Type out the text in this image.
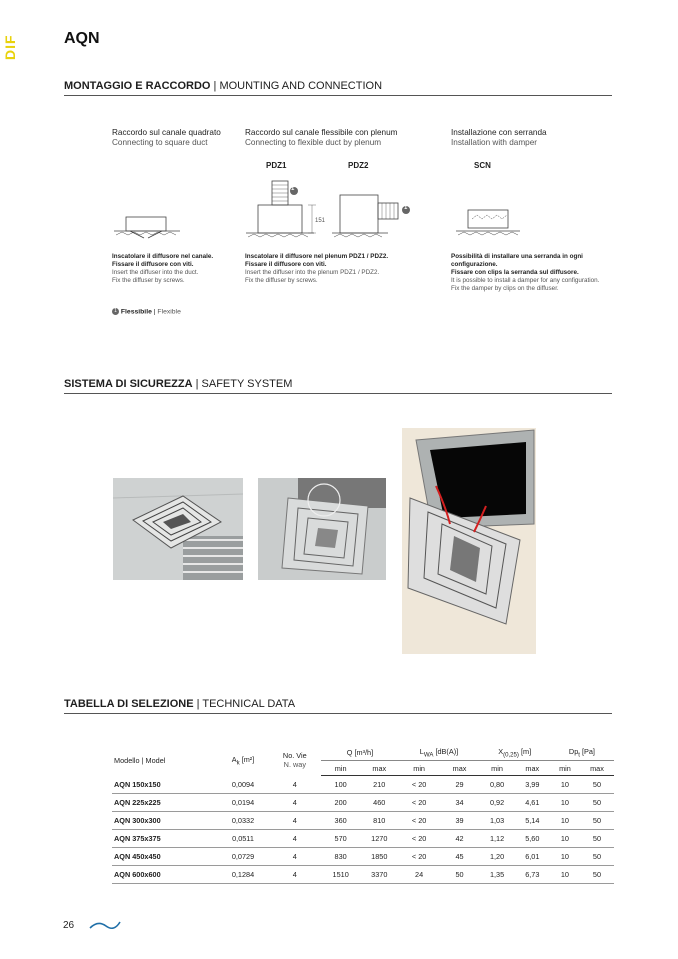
DIF	AQN
MONTAGGIO E RACCORDO | MOUNTING AND CONNECTION
Raccordo sul canale quadrato
Connecting to square duct
Raccordo sul canale flessibile con plenum
Connecting to flexible duct by plenum
Installazione con serranda
Installation with damper
PDZ1	PDZ2	SCN
151
1
1
Inscatolare il diffusore nel canale.
Fissare il diffusore con viti.
Insert the diffuser into the duct.
Fix the diffuser by screws.
Inscatolare il diffusore nel plenum PDZ1 / PDZ2.
Fissare il diffusore con viti.
Insert the diffuser into the plenum PDZ1 / PDZ2.
Fix the diffuser by screws.
Possibilità di installare una serranda in ogni
configurazione.
Fissare con clips la serranda sul diffusore.
It is possible to install a damper for any configuration.
Fix the damper by clips on the diffuser.
1 Flessibile | Flexible
SISTEMA DI SICUREZZA | SAFETY SYSTEM
TABELLA DI SELEZIONE | TECHNICAL DATA
Modello | Model	$A_k$ [m²]	No. Vie
N. way	Q [m³/h]		$L_{WA}$ [dB(A)]		$X_{(0,25)}$ [m]		$Dp_t$ [Pa]	
			min	max	min	max	min	max	min	max
AQN 150x150	0,0094	4	100	210	< 20	29	0,80	3,99	10	50
AQN 225x225	0,0194	4	200	460	< 20	34	0,92	4,61	10	50
AQN 300x300	0,0332	4	360	810	< 20	39	1,03	5,14	10	50
AQN 375x375	0,0511	4	570	1270	< 20	42	1,12	5,60	10	50
AQN 450x450	0,0729	4	830	1850	< 20	45	1,20	6,01	10	50
AQN 600x600	0,1284	4	1510	3370	24	50	1,35	6,73	10	50
26
